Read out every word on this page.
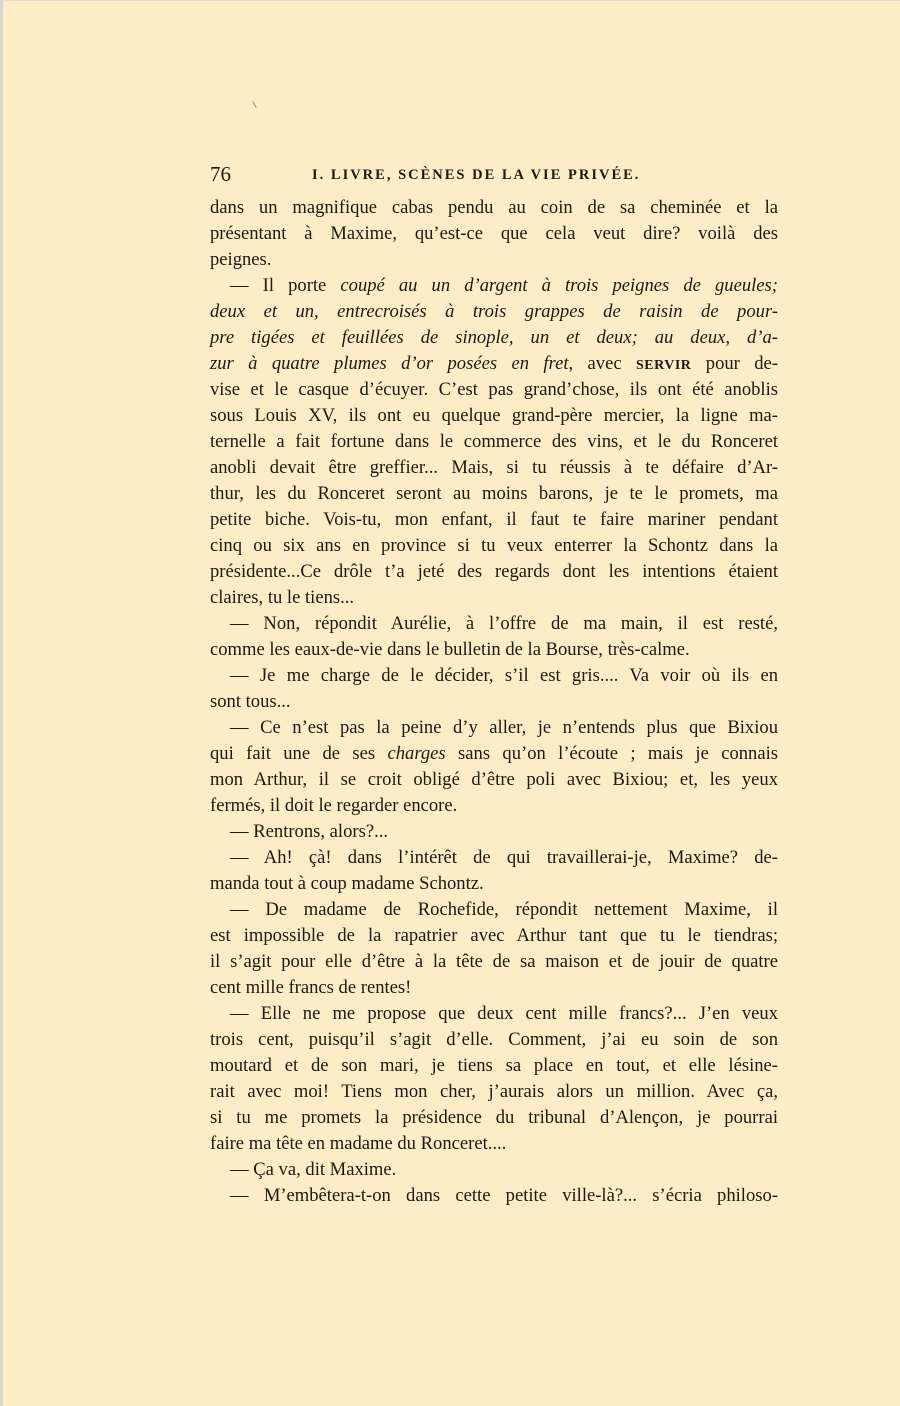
76	I. LIVRE, SCÈNES DE LA VIE PRIVÉE.
dans un magnifique cabas pendu au coin de sa cheminée et la
présentant à Maxime, qu’est-ce que cela veut dire? voilà des
peignes.
— Il porte coupé au un d’argent à trois peignes de gueules;
deux et un, entrecroisés à trois grappes de raisin de pour-
pre tigées et feuillées de sinople, un et deux; au deux, d’a-
zur à quatre plumes d’or posées en fret, avec SERVIR pour de-
vise et le casque d’écuyer. C’est pas grand’chose, ils ont été anoblis
sous Louis XV, ils ont eu quelque grand-père mercier, la ligne ma-
ternelle a fait fortune dans le commerce des vins, et le du Ronceret
anobli devait être greffier... Mais, si tu réussis à te défaire d’Ar-
thur, les du Ronceret seront au moins barons, je te le promets, ma
petite biche. Vois-tu, mon enfant, il faut te faire mariner pendant
cinq ou six ans en province si tu veux enterrer la Schontz dans la
présidente...Ce drôle t’a jeté des regards dont les intentions étaient
claires, tu le tiens...
— Non, répondit Aurélie, à l’offre de ma main, il est resté,
comme les eaux-de-vie dans le bulletin de la Bourse, très-calme.
— Je me charge de le décider, s’il est gris.... Va voir où ils en
sont tous...
— Ce n’est pas la peine d’y aller, je n’entends plus que Bixiou
qui fait une de ses charges sans qu’on l’écoute ; mais je connais
mon Arthur, il se croit obligé d’être poli avec Bixiou; et, les yeux
fermés, il doit le regarder encore.
— Rentrons, alors?...
— Ah! çà! dans l’intérêt de qui travaillerai-je, Maxime? de-
manda tout à coup madame Schontz.
— De madame de Rochefide, répondit nettement Maxime, il
est impossible de la rapatrier avec Arthur tant que tu le tiendras;
il s’agit pour elle d’être à la tête de sa maison et de jouir de quatre
cent mille francs de rentes!
— Elle ne me propose que deux cent mille francs?... J’en veux
trois cent, puisqu’il s’agit d’elle. Comment, j’ai eu soin de son
moutard et de son mari, je tiens sa place en tout, et elle lésine-
rait avec moi! Tiens mon cher, j’aurais alors un million. Avec ça,
si tu me promets la présidence du tribunal d’Alençon, je pourrai
faire ma tête en madame du Ronceret....
— Ça va, dit Maxime.
— M’embêtera-t-on dans cette petite ville-là?... s’écria philoso-
